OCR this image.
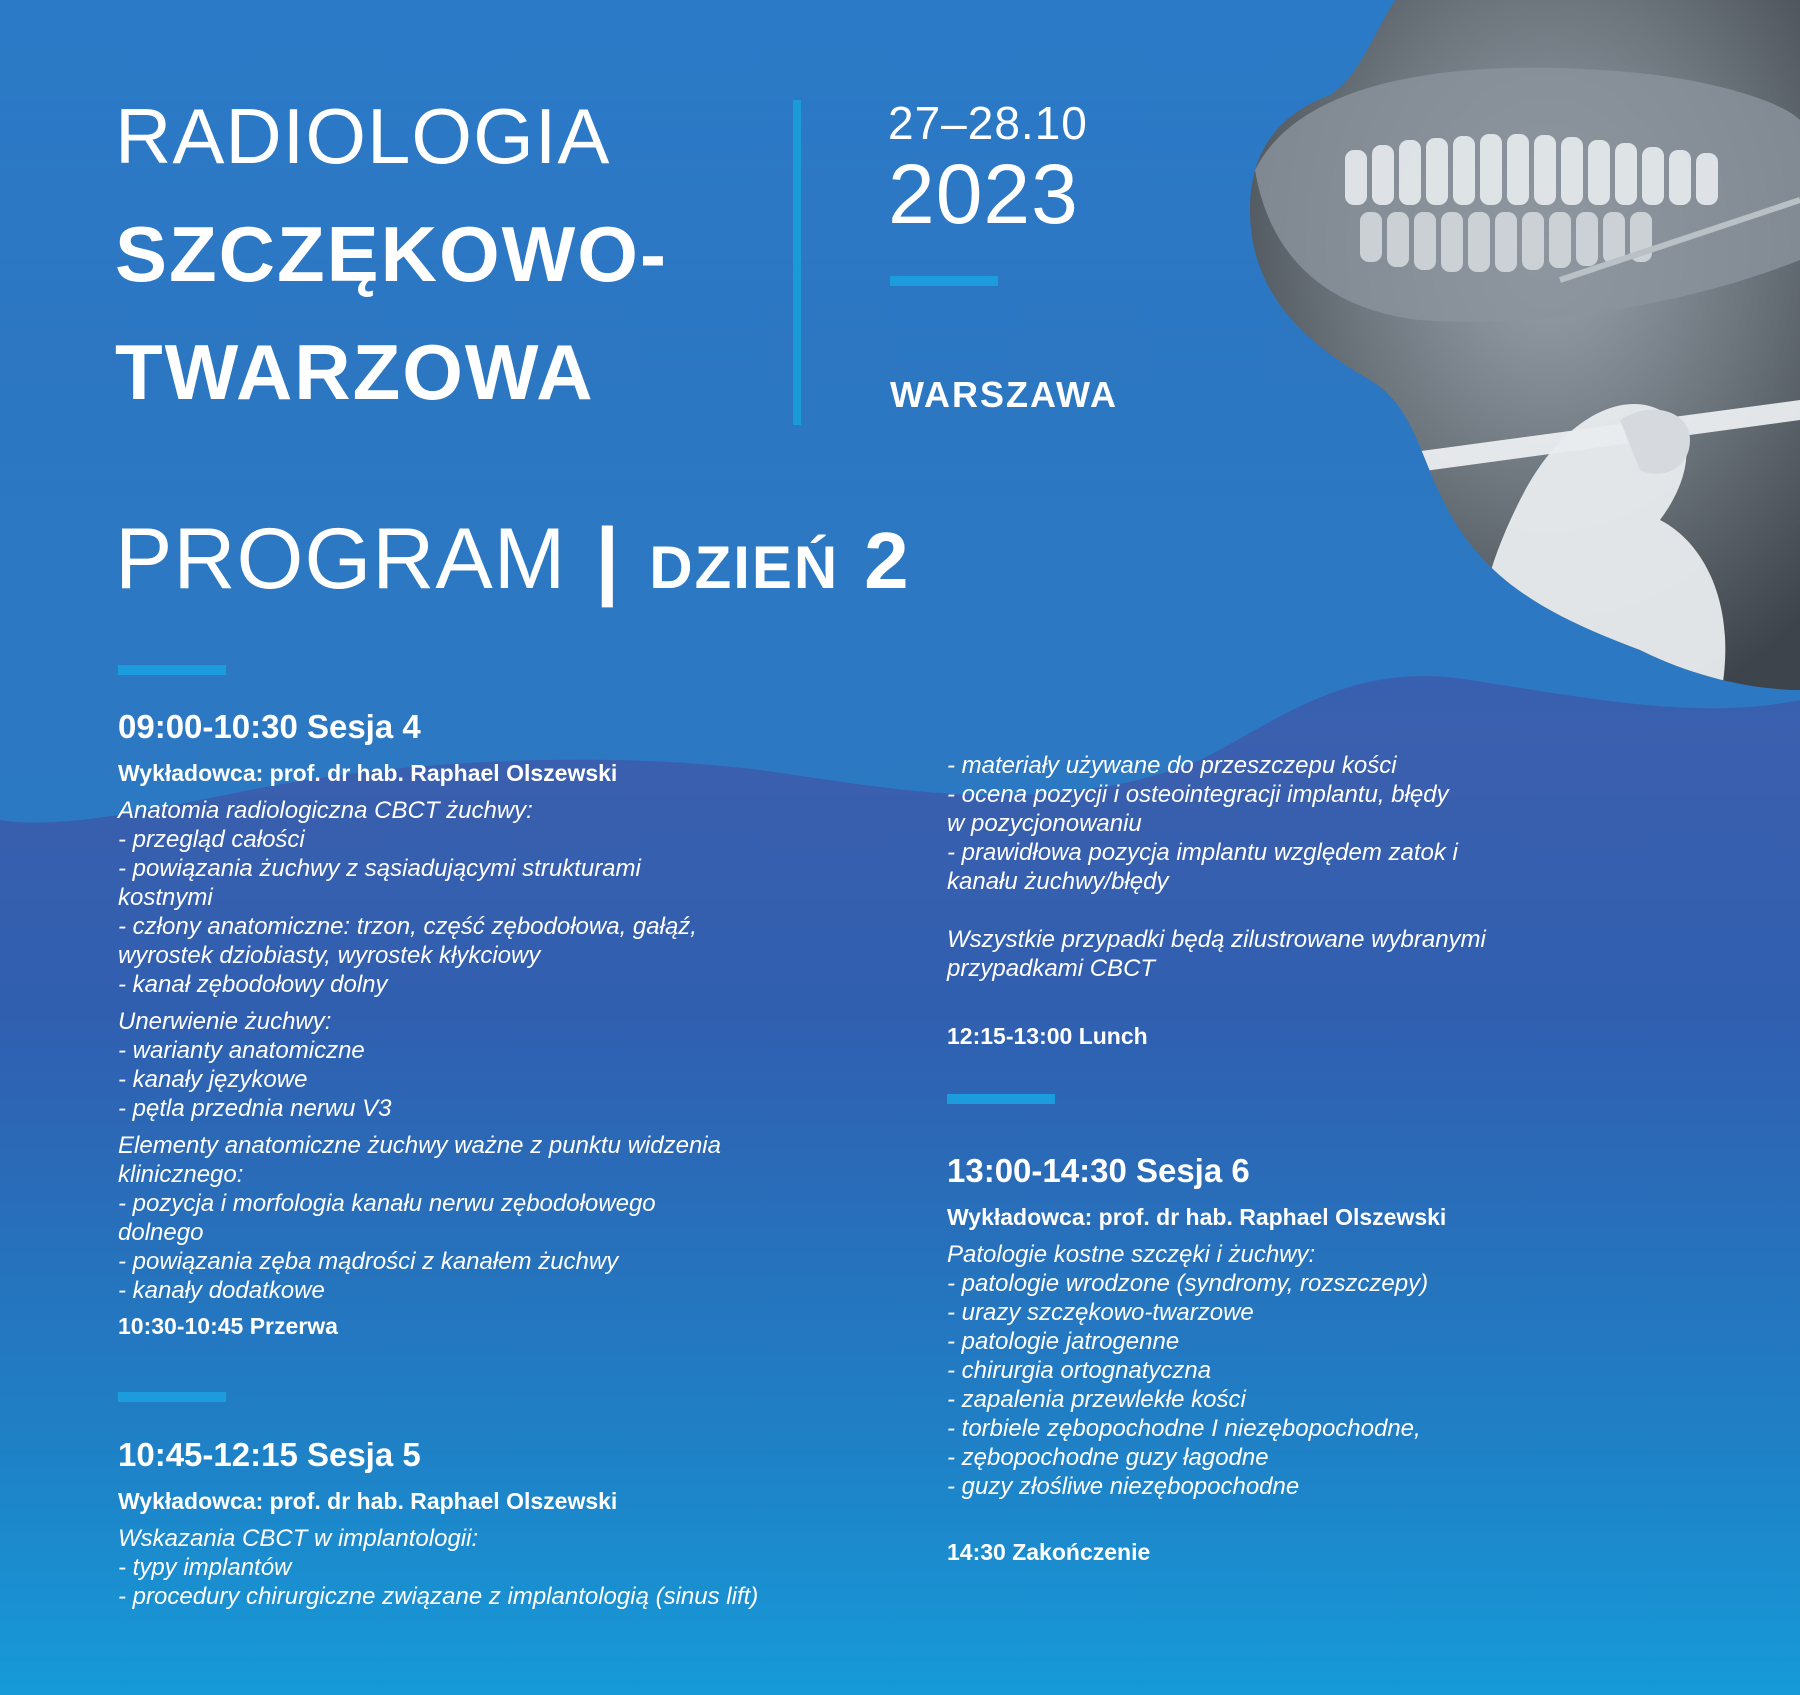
RADIOLOGIA
SZCZĘKOWO-
TWARZOWA
27–28.10
2023
WARSZAWA
PROGRAM | DZIEŃ 2
09:00-10:30 Sesja 4
Wykładowca: prof. dr hab. Raphael Olszewski
Anatomia radiologiczna CBCT żuchwy:
- przegląd całości
- powiązania żuchwy z sąsiadującymi strukturami
kostnymi
- człony anatomiczne: trzon, część zębodołowa, gałąź,
wyrostek dziobiasty, wyrostek kłykciowy
- kanał zębodołowy dolny
Unerwienie żuchwy:
- warianty anatomiczne
- kanały językowe
- pętla przednia nerwu V3
Elementy anatomiczne żuchwy ważne z punktu widzenia
klinicznego:
- pozycja i morfologia kanału nerwu zębodołowego
dolnego
- powiązania zęba mądrości z kanałem żuchwy
- kanały dodatkowe
10:30-10:45 Przerwa
10:45-12:15 Sesja 5
Wykładowca: prof. dr hab. Raphael Olszewski
Wskazania CBCT w implantologii:
- typy implantów
- procedury chirurgiczne związane z implantologią (sinus lift)
- materiały używane do przeszczepu kości
- ocena pozycji i osteointegracji implantu, błędy
w pozycjonowaniu
- prawidłowa pozycja implantu względem zatok i
kanału żuchwy/błędy
Wszystkie przypadki będą zilustrowane wybranymi
przypadkami CBCT
12:15-13:00 Lunch
13:00-14:30 Sesja 6
Wykładowca: prof. dr hab. Raphael Olszewski
Patologie kostne szczęki i żuchwy:
- patologie wrodzone (syndromy, rozszczepy)
- urazy szczękowo-twarzowe
- patologie jatrogenne
- chirurgia ortognatyczna
- zapalenia przewlekłe kości
- torbiele zębopochodne I niezębopochodne,
- zębopochodne guzy łagodne
- guzy złośliwe niezębopochodne
14:30 Zakończenie
